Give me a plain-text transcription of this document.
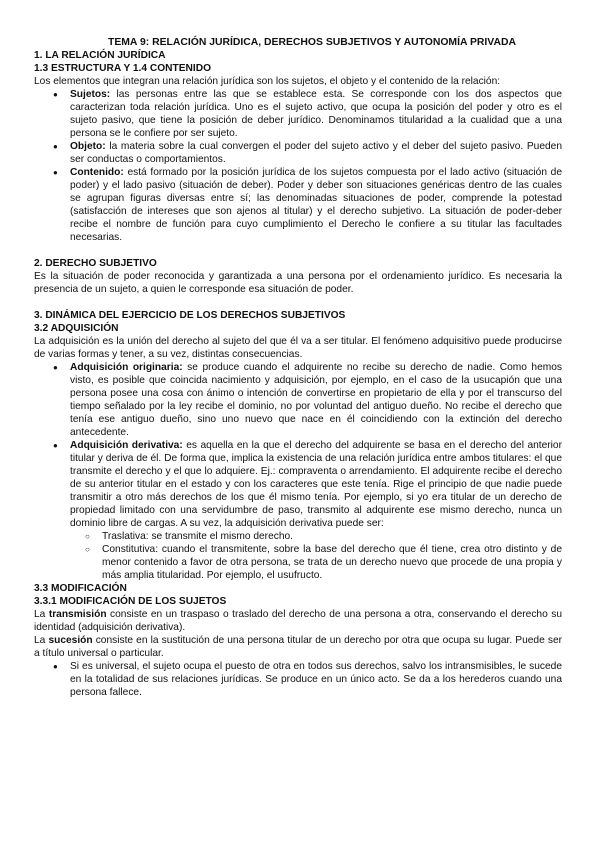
TEMA 9: RELACIÓN JURÍDICA, DERECHOS SUBJETIVOS Y AUTONOMÍA PRIVADA
1. LA RELACIÓN JURÍDICA
1.3 ESTRUCTURA Y 1.4 CONTENIDO

Los elementos que integran una relación jurídica son los sujetos, el objeto y el contenido de la relación:

● Sujetos: las personas entre las que se establece esta. Se corresponde con los dos aspectos que caracterizan toda relación jurídica. Uno es el sujeto activo, que ocupa la posición del poder y otro es el sujeto pasivo, que tiene la posición de deber jurídico. Denominamos titularidad a la cualidad que a una persona se le confiere por ser sujeto.
● Objeto: la materia sobre la cual convergen el poder del sujeto activo y el deber del sujeto pasivo. Pueden ser conductas o comportamientos.
● Contenido: está formado por la posición jurídica de los sujetos compuesta por el lado activo (situación de poder) y el lado pasivo (situación de deber). Poder y deber son situaciones genéricas dentro de las cuales se agrupan figuras diversas entre sí; las denominadas situaciones de poder, comprende la potestad (satisfacción de intereses que son ajenos al titular) y el derecho subjetivo. La situación de poder-deber recibe el nombre de función para cuyo cumplimiento el Derecho le confiere a su titular las facultades necesarias.
2. DERECHO SUBJETIVO

Es la situación de poder reconocida y garantizada a una persona por el ordenamiento jurídico. Es necesaria la presencia de un sujeto, a quien le corresponde esa situación de poder.

3. DINÁMICA DEL EJERCICIO DE LOS DERECHOS SUBJETIVOS
3.2 ADQUISICIÓN

La adquisición es la unión del derecho al sujeto del que él va a ser titular. El fenómeno adquisitivo puede producirse de varias formas y tener, a su vez, distintas consecuencias.

● Adquisición originaria: se produce cuando el adquirente no recibe su derecho de nadie. Como hemos visto, es posible que coincida nacimiento y adquisición, por ejemplo, en el caso de la usucapión que una persona posee una cosa con ánimo o intención de convertirse en propietario de ella y por el transcurso del tiempo señalado por la ley recibe el dominio, no por voluntad del antiguo dueño. No recibe el derecho que tenía ese antiguo dueño, sino uno nuevo que nace en él coincidiendo con la extinción del derecho antecedente.
● Adquisición derivativa: es aquella en la que el derecho del adquirente se basa en el derecho del anterior titular y deriva de él. De forma que, implica la existencia de una relación jurídica entre ambos titulares: el que transmite el derecho y el que lo adquiere. Ej.: compraventa o arrendamiento. El adquirente recibe el derecho de su anterior titular en el estado y con los caracteres que este tenía. Rige el principio de que nadie puede transmitir a otro más derechos de los que él mismo tenía. Por ejemplo, si yo era titular de un derecho de propiedad limitado con una servidumbre de paso, transmito al adquirente ese mismo derecho, nunca un dominio libre de cargas. A su vez, la adquisición derivativa puede ser:
○ Traslativa: se transmite el mismo derecho.
○ Constitutiva: cuando el transmitente, sobre la base del derecho que él tiene, crea otro distinto y de menor contenido a favor de otra persona, se trata de un derecho nuevo que procede de una propia y más amplia titularidad. Por ejemplo, el usufructo.
3.3 MODIFICACIÓN
3.3.1 MODIFICACIÓN DE LOS SUJETOS

La transmisión consiste en un traspaso o traslado del derecho de una persona a otra, conservando el derecho su identidad (adquisición derivativa).

La sucesión consiste en la sustitución de una persona titular de un derecho por otra que ocupa su lugar. Puede ser a título universal o particular.

● Si es universal, el sujeto ocupa el puesto de otra en todos sus derechos, salvo los intransmisibles, le sucede en la totalidad de sus relaciones jurídicas. Se produce en un único acto. Se da a los herederos cuando una persona fallece.
